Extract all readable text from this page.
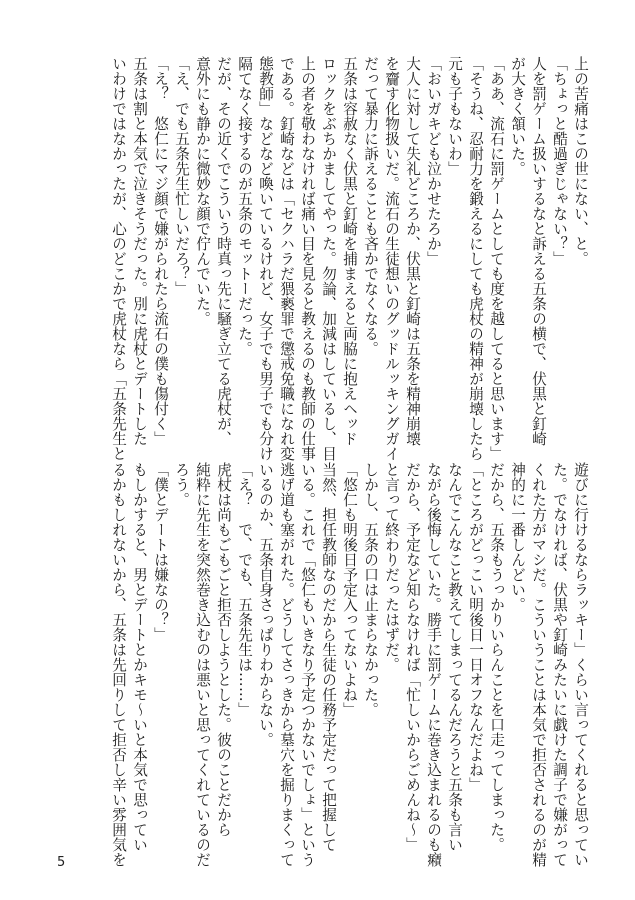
上の苦痛はこの世にない、と。
「ちょっと酷過ぎじゃない？」
人を罰ゲーム扱いするなと訴える五条の横で、伏黒と釘崎
が大きく頷いた。
「ああ、流石に罰ゲームとしても度を越してると思います」
「そうね、忍耐力を鍛えるにしても虎杖の精神が崩壊したら
元も子もないわ」
「おいガキども泣かせたろか」
大人に対して失礼どころか、伏黒と釘崎は五条を精神崩壊
を齎す化物扱いだ。流石の生徒想いのグッドルッキングガイ
だって暴力に訴えることも吝かでなくなる。
五条は容赦なく伏黒と釘崎を捕まえると両脇に抱えヘッド
ロックをぶちかましてやった。勿論、加減はしているし、目
上の者を敬わなければ痛い目を見ると教えるのも教師の仕事
である。釘崎などは「セクハラだ猥褻罪で懲戒免職になれ変
態教師」などなど喚いているけれど、女子でも男子でも分け
隔てなく接するのが五条のモットーだった。
だが、その近くでこういう時真っ先に騒ぎ立てる虎杖が、
意外にも静かに微妙な顔で佇んでいた。
「え、でも五条先生忙しいだろ？」
「え？　悠仁にマジ顔で嫌がられたら流石の僕も傷付く」
五条は割と本気で泣きそうだった。別に虎杖とデートした
いわけではなかったが、心のどこかで虎杖なら「五条先生と
遊びに行けるならラッキー」くらい言ってくれると思ってい
た。でなければ、伏黒や釘崎みたいに戯けた調子で嫌がって
くれた方がマシだ。こういうことは本気で拒否されるのが精
神的に一番しんどい。
だから、五条もうっかりいらんことを口走ってしまった。
「ところがどっこい明後日一日オフなんだよね」
なんでこんなこと教えてしまってるんだろうと五条も言い
ながら後悔していた。勝手に罰ゲームに巻き込まれるのも癪
だから、予定など知らなければ「忙しいからごめんね～」
と言って終わりだったはずだ。
しかし、五条の口は止まらなかった。
「悠仁も明後日予定入ってないよね」
当然、担任教師なのだから生徒の任務予定だって把握して
いる。これで「悠仁もいきなり予定つかないでしょ」という
逃げ道も塞がれた。どうしてさっきから墓穴を掘りまくって
いるのか、五条自身さっぱりわからない。
「え？　で、でも、五条先生は……」
虎杖は尚もごもごと拒否しようとした。彼のことだから
純粋に先生を突然巻き込むのは悪いと思ってくれているのだ
ろう。
「僕とデートは嫌なの？」
もしかすると、男とデートとかキモ～いと本気で思ってい
るかもしれないから、五条は先回りして拒否し辛い雰囲気を
5
